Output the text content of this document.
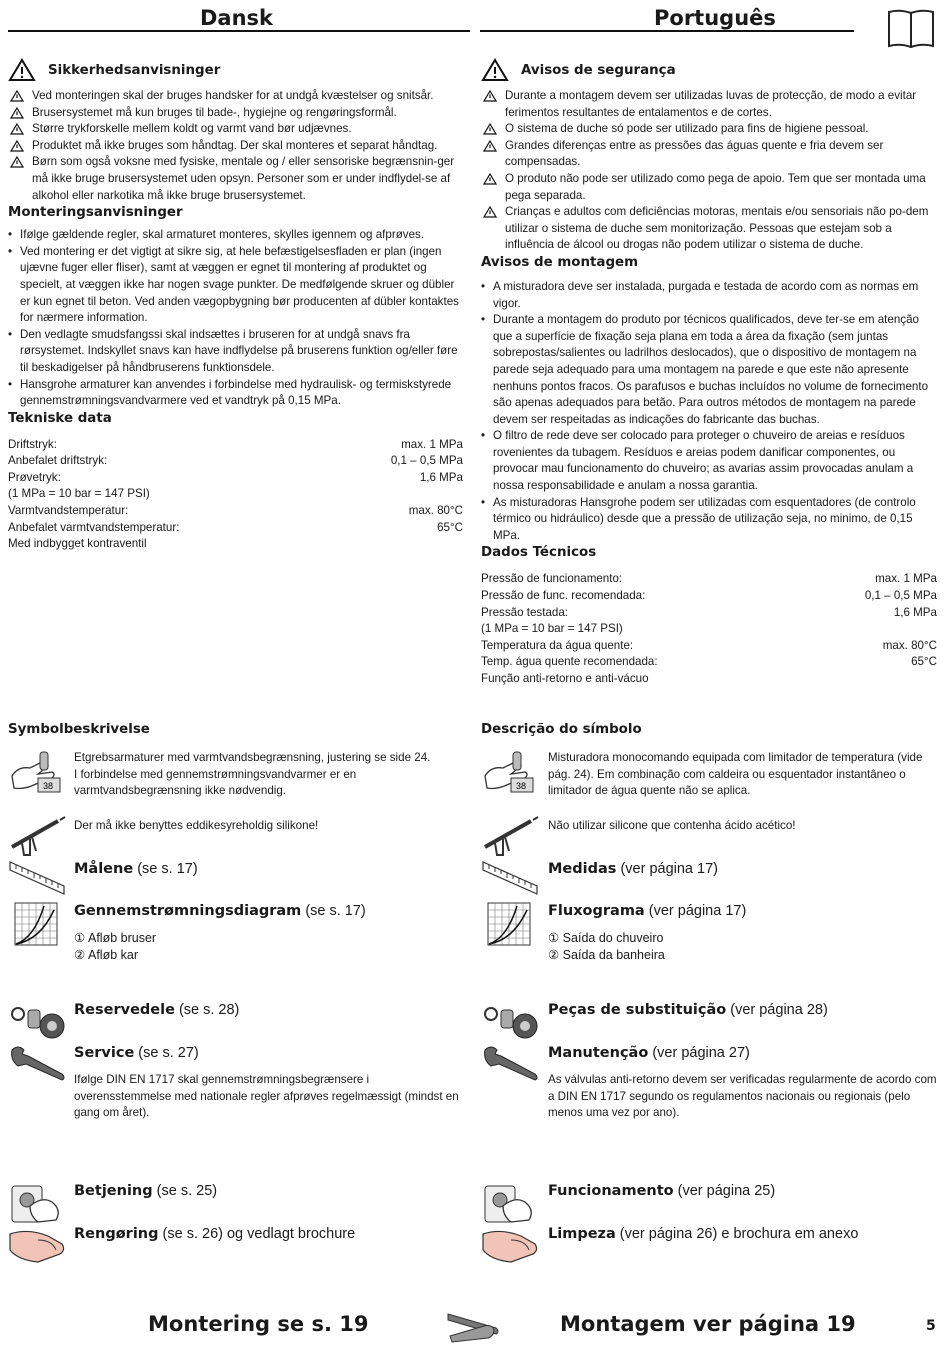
Dansk	Português
Sikkerhedsanvisninger
Ved monteringen skal der bruges handsker for at undgå kvæstelser og snitsår.
Brusersystemet må kun bruges til bade-, hygiejne og rengøringsformål.
Større trykforskelle mellem koldt og varmt vand bør udjævnes.
Produktet må ikke bruges som håndtag. Der skal monteres et separat håndtag.
Børn som også voksne med fysiske, mentale og / eller sensoriske begrænsnin-ger må ikke bruge brusersystemet uden opsyn. Personer som er under indflydel-se af alkohol eller narkotika må ikke bruge brusersystemet.
Monteringsanvisninger
• Ifølge gældende regler, skal armaturet monteres, skylles igennem og afprøves.
• Ved montering er det vigtigt at sikre sig, at hele befæstigelsesfladen er plan (ingen ujævne fuger eller fliser), samt at væggen er egnet til montering af produktet og specielt, at væggen ikke har nogen svage punkter. De medfølgende skruer og dübler er kun egnet til beton. Ved anden vægopbygning bør producenten af dübler kontaktes for nærmere information.
• Den vedlagte smudsfangssi skal indsættes i bruseren for at undgå snavs fra rørsystemet. Indskyllet snavs kan have indflydelse på bruserens funktion og/eller føre til beskadigelser på håndbruserens funktionsdele.
• Hansgrohe armaturer kan anvendes i forbindelse med hydraulisk- og termiskstyrede gennemstrømningsvandvarmere ved et vandtryk på 0,15 MPa.
Tekniske data
Driftstryk:	max. 1 MPa
Anbefalet driftstryk:	0,1 – 0,5 MPa
Prøvetryk:	1,6 MPa
(1 MPa = 10 bar = 147 PSI)
Varmtvandstemperatur:	max. 80°C
Anbefalet varmtvandstemperatur:	65°C
Med indbygget kontraventil
Avisos de segurança
Durante a montagem devem ser utilizadas luvas de protecção, de modo a evitar ferimentos resultantes de entalamentos e de cortes.
O sistema de duche só pode ser utilizado para fins de higiene pessoal.
Grandes diferenças entre as pressões das águas quente e fria devem ser compensadas.
O produto não pode ser utilizado como pega de apoio. Tem que ser montada uma pega separada.
Crianças e adultos com deficiências motoras, mentais e/ou sensoriais não po-dem utilizar o sistema de duche sem monitorização. Pessoas que estejam sob a influência de álcool ou drogas não podem utilizar o sistema de duche.
Avisos de montagem
• A misturadora deve ser instalada, purgada e testada de acordo com as normas em vigor.
• Durante a montagem do produto por técnicos qualificados, deve ter-se em atenção que a superfície de fixação seja plana em toda a área da fixação (sem juntas sobrepostas/salientes ou ladrilhos deslocados), que o dispositivo de montagem na parede seja adequado para uma montagem na parede e que este não apresente nenhuns pontos fracos. Os parafusos e buchas incluídos no volume de fornecimento são apenas adequados para betão. Para outros métodos de montagem na parede devem ser respeitadas as indicações do fabricante das buchas.
• O filtro de rede deve ser colocado para proteger o chuveiro de areias e resíduos rovenientes da tubagem. Resíduos e areias podem danificar componentes, ou provocar mau funcionamento do chuveiro; as avarias assim provocadas anulam a nossa responsabilidade e anulam a nossa garantia.
• As misturadoras Hansgrohe podem ser utilizadas com esquentadores (de controlo térmico ou hidráulico) desde que a pressão de utilização seja, no minimo, de 0,15 MPa.
Dados Técnicos
Pressão de funcionamento:	max. 1 MPa
Pressão de func. recomendada:	0,1 – 0,5 MPa
Pressão testada:	1,6 MPa
(1 MPa = 10 bar = 147 PSI)
Temperatura da água quente:	max. 80°C
Temp. água quente recomendada:	65°C
Função anti-retorno e anti-vácuo
Symbolbeskrivelse	Descrição do símbolo
38	38
Etgrebsarmaturer med varmtvandsbegrænsning, justering se side 24. I forbindelse med gennemstrømningsvandvarmer er en varmtvandsbegrænsning ikke nødvendig.
Der må ikke benyttes eddikesyreholdig silikone!
Målene (se s. 17)
Gennemstrømningsdiagram (se s. 17)
① Afløb bruser
② Afløb kar
Reservedele (se s. 28)
Service (se s. 27)
Ifølge DIN EN 1717 skal gennemstrømningsbegrænsere i overensstemmelse med nationale regler afprøves regelmæssigt (mindst en gang om året).
Betjening (se s. 25)
Rengøring (se s. 26) og vedlagt brochure
Misturadora monocomando equipada com limitador de temperatura (vide pág. 24). Em combinação com caldeira ou esquentador instantâneo o limitador de água quente não se aplica.
Não utilizar silicone que contenha ácido acético!
Medidas (ver página 17)
Fluxograma (ver página 17)
① Saída do chuveiro
② Saída da banheira
Peças de substituição (ver página 28)
Manutenção (ver página 27)
As válvulas anti-retorno devem ser verificadas regularmente de acordo com a DIN EN 1717 segundo os regulamentos nacionais ou regionais (pelo menos uma vez por ano).
Funcionamento (ver página 25)
Limpeza (ver página 26) e brochura em anexo
Montering se s. 19	Montagem ver página 19	5
